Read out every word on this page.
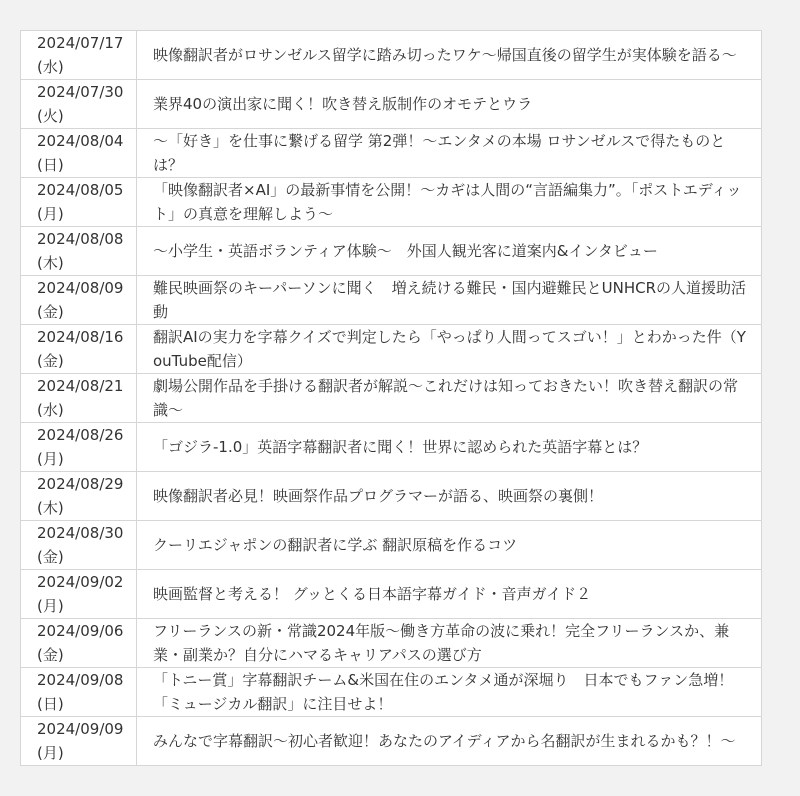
2024/07/17(水)	映像翻訳者がロサンゼルス留学に踏み切ったワケ〜帰国直後の留学生が実体験を語る〜

2024/07/30(火)	業界40の演出家に聞く！吹き替え版制作のオモテとウラ

2024/08/04(日)	〜「好き」を仕事に繋げる留学 第2弾！〜エンタメの本場 ロサンゼルスで得たものとは？

2024/08/05(月)	「映像翻訳者×AI」の最新事情を公開！〜カギは人間の“言語編集力”。「ポストエディット」の真意を理解しよう〜

2024/08/08(木)	〜小学生・英語ボランティア体験〜　外国人観光客に道案内&インタビュー

2024/08/09(金)	難民映画祭のキーパーソンに聞く　増え続ける難民・国内避難民とUNHCRの人道援助活動

2024/08/16(金)	翻訳AIの実力を字幕クイズで判定したら「やっぱり人間ってスゴい！」とわかった件（YouTube配信）

2024/08/21(水)	劇場公開作品を手掛ける翻訳者が解説〜これだけは知っておきたい！吹き替え翻訳の常識〜

2024/08/26(月)	「ゴジラ-1.0」英語字幕翻訳者に聞く！世界に認められた英語字幕とは？

2024/08/29(木)	映像翻訳者必見！映画祭作品プログラマーが語る、映画祭の裏側！

2024/08/30(金)	クーリエジャポンの翻訳者に学ぶ 翻訳原稿を作るコツ

2024/09/02(月)	映画監督と考える！ グッとくる日本語字幕ガイド・音声ガイド２

2024/09/06(金)	フリーランスの新・常識2024年版〜働き方革命の波に乗れ！完全フリーランスか、兼業・副業か？自分にハマるキャリアパスの選び方

2024/09/08(日)	「トニー賞」字幕翻訳チーム&米国在住のエンタメ通が深堀り　日本でもファン急増！「ミュージカル翻訳」に注目せよ！

2024/09/09(月)	みんなで字幕翻訳〜初心者歓迎！あなたのアイディアから名翻訳が生まれるかも？！〜
